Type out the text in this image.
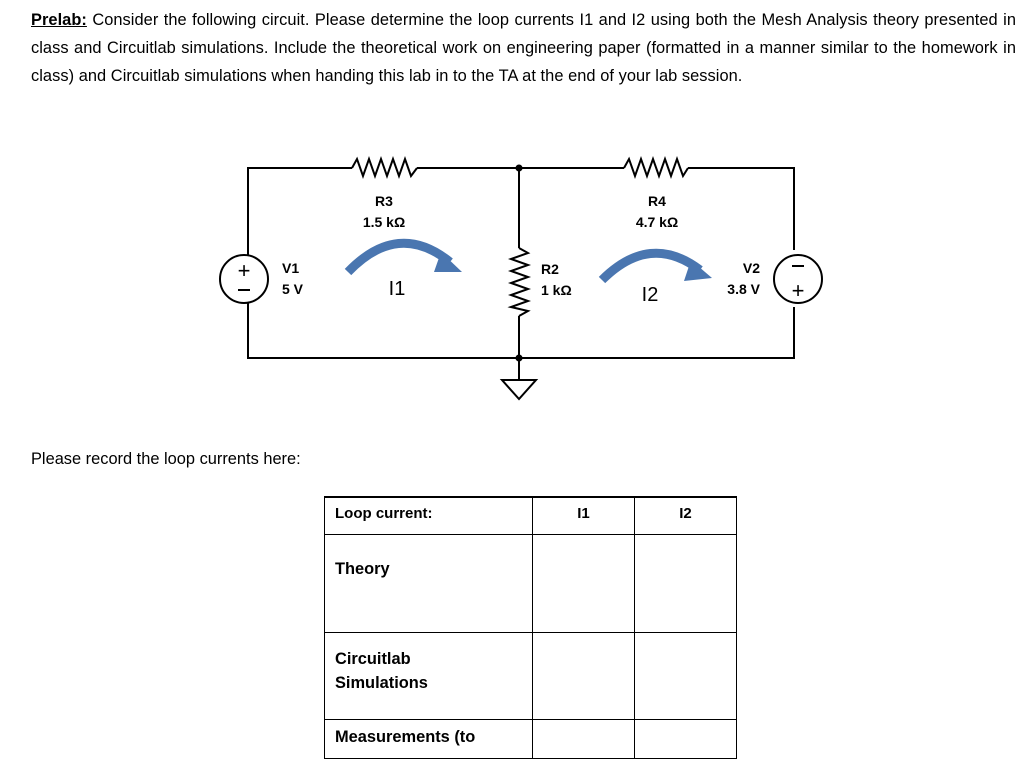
Prelab: Consider the following circuit. Please determine the loop currents I1 and I2 using both the Mesh Analysis theory presented in class and Circuitlab simulations. Include the theoretical work on engineering paper (formatted in a manner similar to the homework in class) and Circuitlab simulations when handing this lab in to the TA at the end of your lab session.
+
+
V1
5 V
V2
3.8 V
R3
1.5 kΩ
R4
4.7 kΩ
R2
1 kΩ
I1	I2
Please record the loop currents here:
Loop current:	I1	I2
Theory		
Circuitlab
Simulations		
Measurements (to		
